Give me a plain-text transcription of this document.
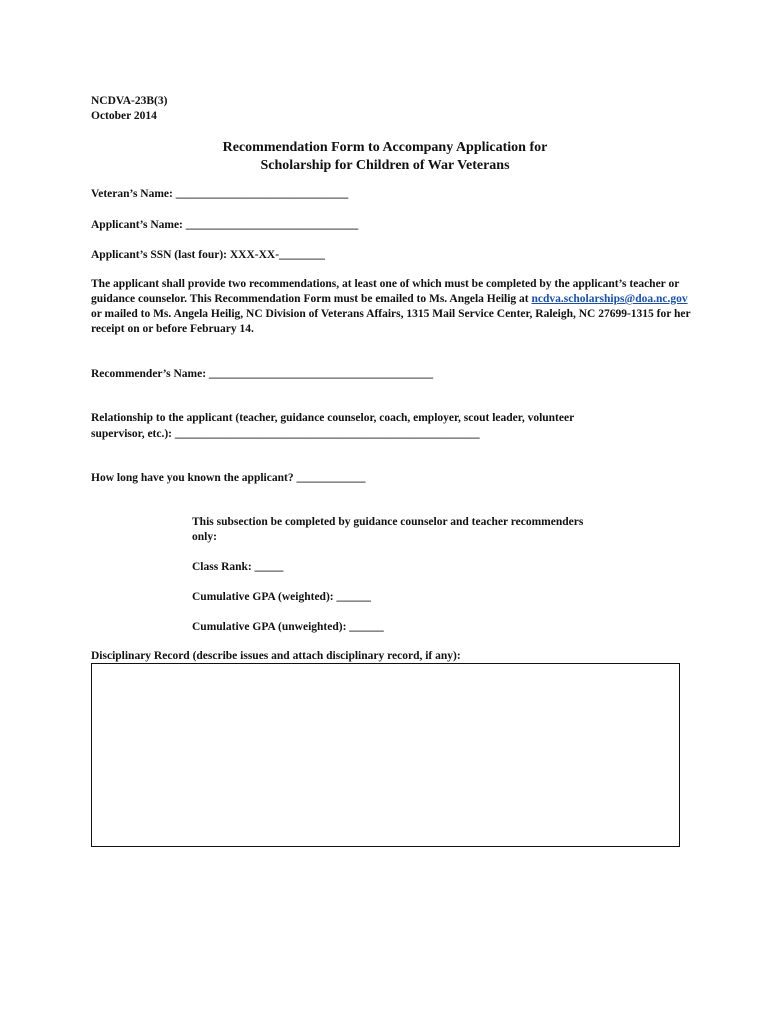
NCDVA-23B(3)
October 2014
Recommendation Form to Accompany Application for
Scholarship for Children of War Veterans
Veteran’s Name: ______________________________
Applicant’s Name: ______________________________
Applicant’s SSN (last four): XXX-XX-________
The applicant shall provide two recommendations, at least one of which must be completed by the applicant’s teacher or guidance counselor. This Recommendation Form must be emailed to Ms. Angela Heilig at ncdva.scholarships@doa.nc.gov or mailed to Ms. Angela Heilig, NC Division of Veterans Affairs, 1315 Mail Service Center, Raleigh, NC 27699-1315 for her receipt on or before February 14.
Recommender’s Name: _______________________________________
Relationship to the applicant (teacher, guidance counselor, coach, employer, scout leader, volunteer
supervisor, etc.): _____________________________________________________
How long have you known the applicant? ____________
This subsection be completed by guidance counselor and teacher recommenders
only:
Class Rank: _____
Cumulative GPA (weighted): ______
Cumulative GPA (unweighted): ______
Disciplinary Record (describe issues and attach disciplinary record, if any):
